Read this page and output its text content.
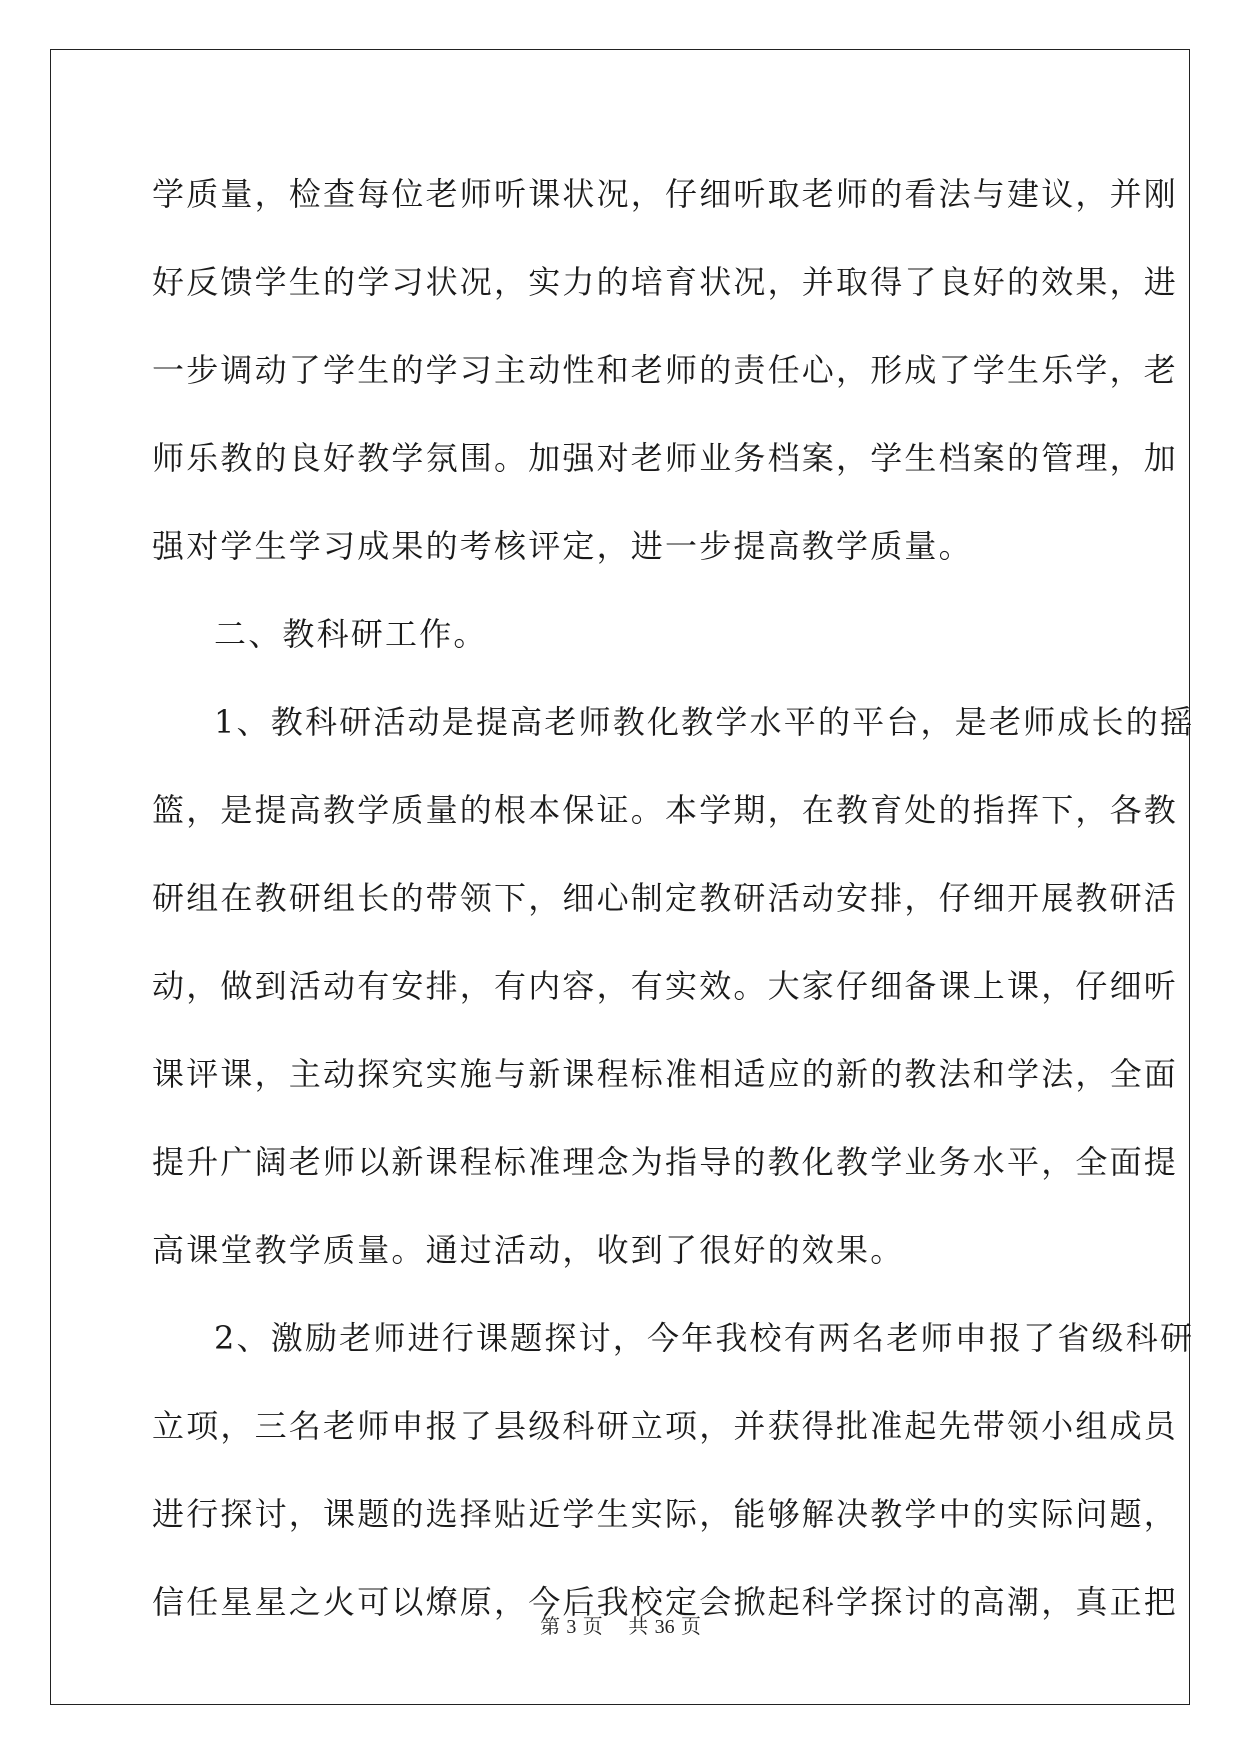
学质量，检查每位老师听课状况，仔细听取老师的看法与建议，并刚
好反馈学生的学习状况，实力的培育状况，并取得了良好的效果，进
一步调动了学生的学习主动性和老师的责任心，形成了学生乐学，老
师乐教的良好教学氛围。加强对老师业务档案，学生档案的管理，加
强对学生学习成果的考核评定，进一步提高教学质量。
二、教科研工作。
1、教科研活动是提高老师教化教学水平的平台，是老师成长的摇
篮，是提高教学质量的根本保证。本学期，在教育处的指挥下，各教
研组在教研组长的带领下，细心制定教研活动安排，仔细开展教研活
动，做到活动有安排，有内容，有实效。大家仔细备课上课，仔细听
课评课，主动探究实施与新课程标准相适应的新的教法和学法，全面
提升广阔老师以新课程标准理念为指导的教化教学业务水平，全面提
高课堂教学质量。通过活动，收到了很好的效果。
2、激励老师进行课题探讨，今年我校有两名老师申报了省级科研
立项，三名老师申报了县级科研立项，并获得批准起先带领小组成员
进行探讨，课题的选择贴近学生实际，能够解决教学中的实际问题，
信任星星之火可以燎原，今后我校定会掀起科学探讨的高潮，真正把
第 3 页 共 36 页
